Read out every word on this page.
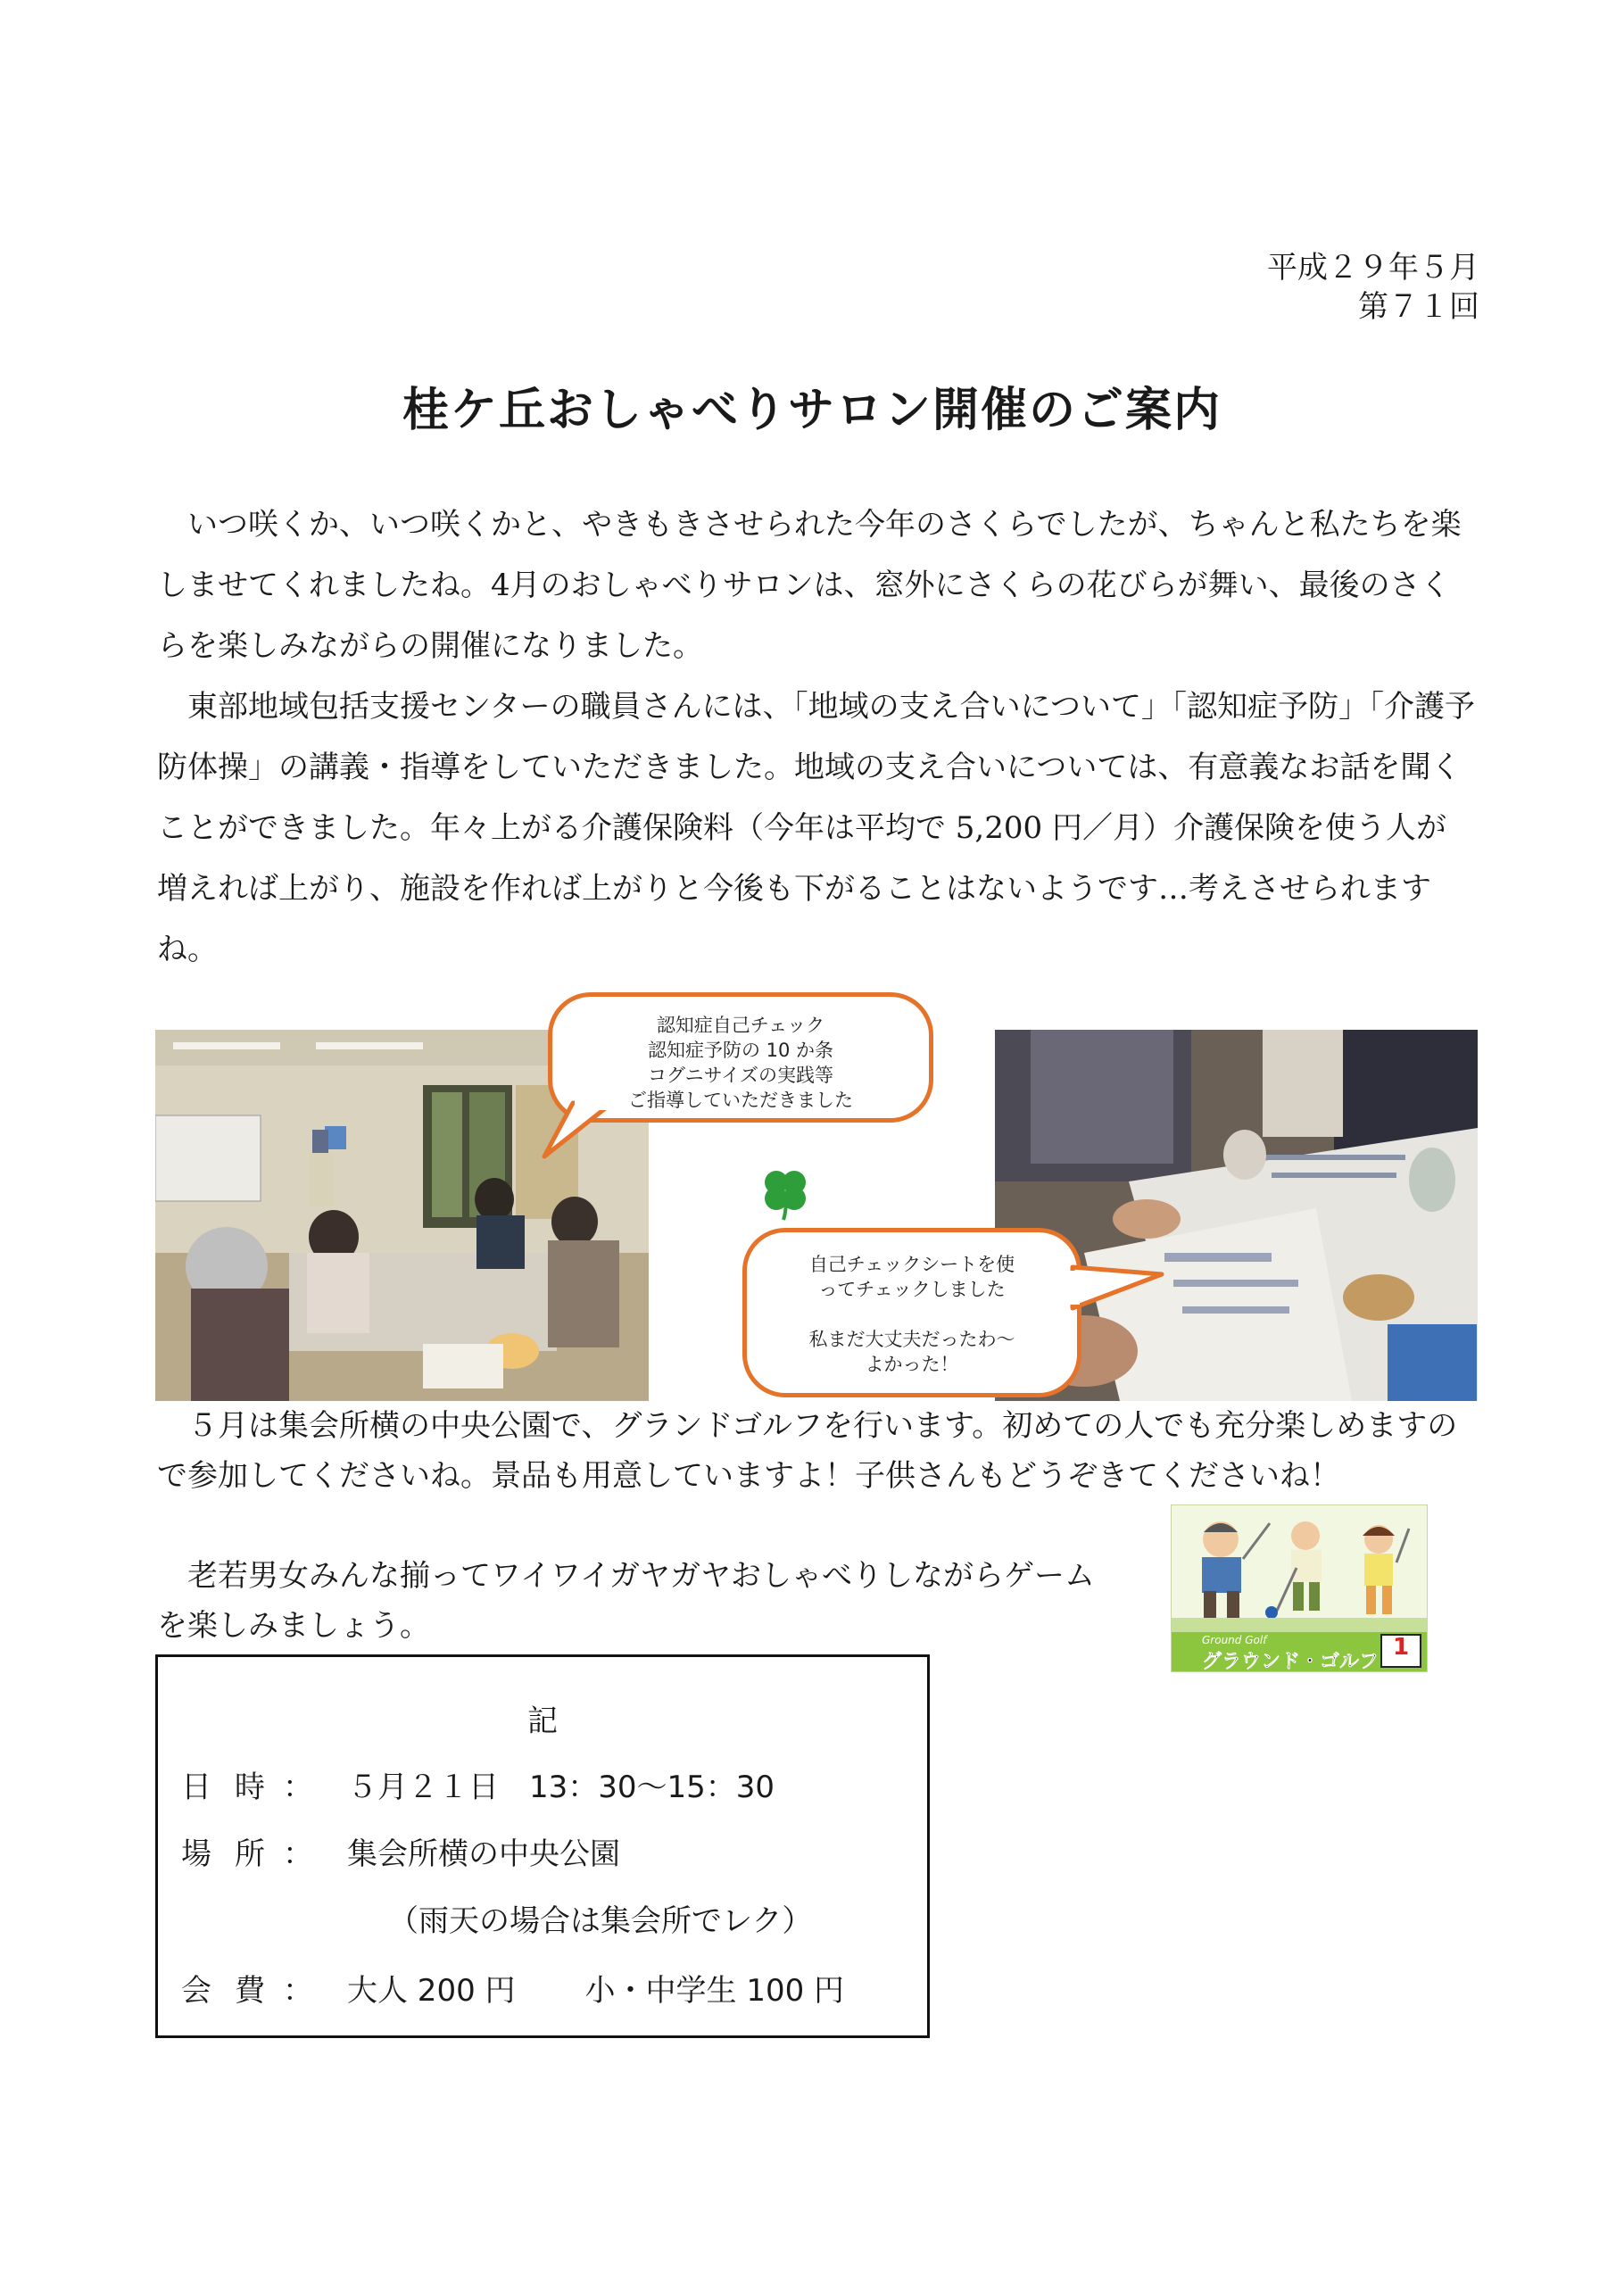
平成２９年５月
第７１回
桂ケ丘おしゃべりサロン開催のご案内

いつ咲くか、いつ咲くかと、やきもきさせられた今年のさくらでしたが、ちゃんと私たちを楽しませてくれましたね。4月のおしゃべりサロンは、窓外にさくらの花びらが舞い、最後のさくらを楽しみながらの開催になりました。

東部地域包括支援センターの職員さんには、「地域の支え合いについて」「認知症予防」「介護予防体操」の講義・指導をしていただきました。地域の支え合いについては、有意義なお話を聞くことができました。年々上がる介護保険料（今年は平均で 5,200 円／月）介護保険を使う人が増えれば上がり、施設を作れば上がりと今後も下がることはないようです…考えさせられますね。

認知症自己チェック
認知症予防の 10 か条
コグニサイズの実践等
ご指導していただきました
自己チェックシートを使
ってチェックしました
私まだ大丈夫だったわ～
よかった！

５月は集会所横の中央公園で、グランドゴルフを行います。初めての人でも充分楽しめますので参加してくださいね。景品も用意していますよ！子供さんもどうぞきてくださいね！

老若男女みんな揃ってワイワイガヤガヤおしゃべりしながらゲームを楽しみましょう。	Ground Golf
グラウンド・ゴルフ
1
記
日時： ５月２１日　13：30～15：30
場所： 集会所横の中央公園
（雨天の場合は集会所でレク）
会費： 大人 200 円 小・中学生 100 円
